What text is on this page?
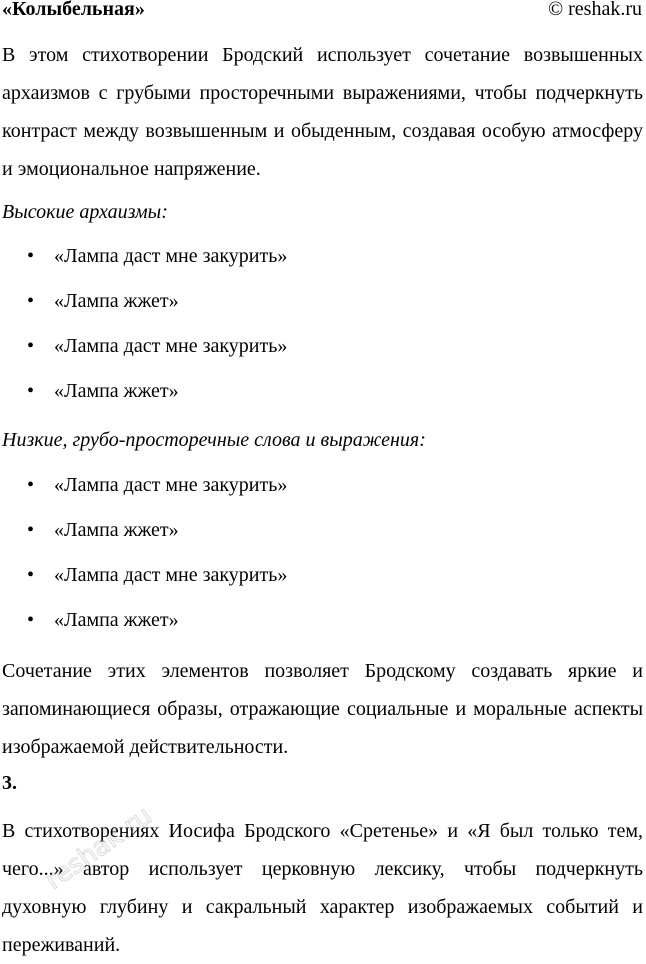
«Колыбельная»	© reshak.ru

В этом стихотворении Бродский использует сочетание возвышенных архаизмов с грубыми просторечными выражениями, чтобы подчеркнуть контраст между возвышенным и обыденным, создавая особую атмосферу и эмоциональное напряжение.

Высокие архаизмы:
• «Лампа даст мне закурить»
• «Лампа жжет»
• «Лампа даст мне закурить»
• «Лампа жжет»
Низкие, грубо-просторечные слова и выражения:
• «Лампа даст мне закурить»
• «Лампа жжет»
• «Лампа даст мне закурить»
• «Лампа жжет»

Сочетание этих элементов позволяет Бродскому создавать яркие и запоминающиеся образы, отражающие социальные и моральные аспекты изображаемой действительности.

3.

В стихотворениях Иосифа Бродского «Сретенье» и «Я был только тем, чего...» автор использует церковную лексику, чтобы подчеркнуть духовную глубину и сакральный характер изображаемых событий и переживаний.

reshak.ru
